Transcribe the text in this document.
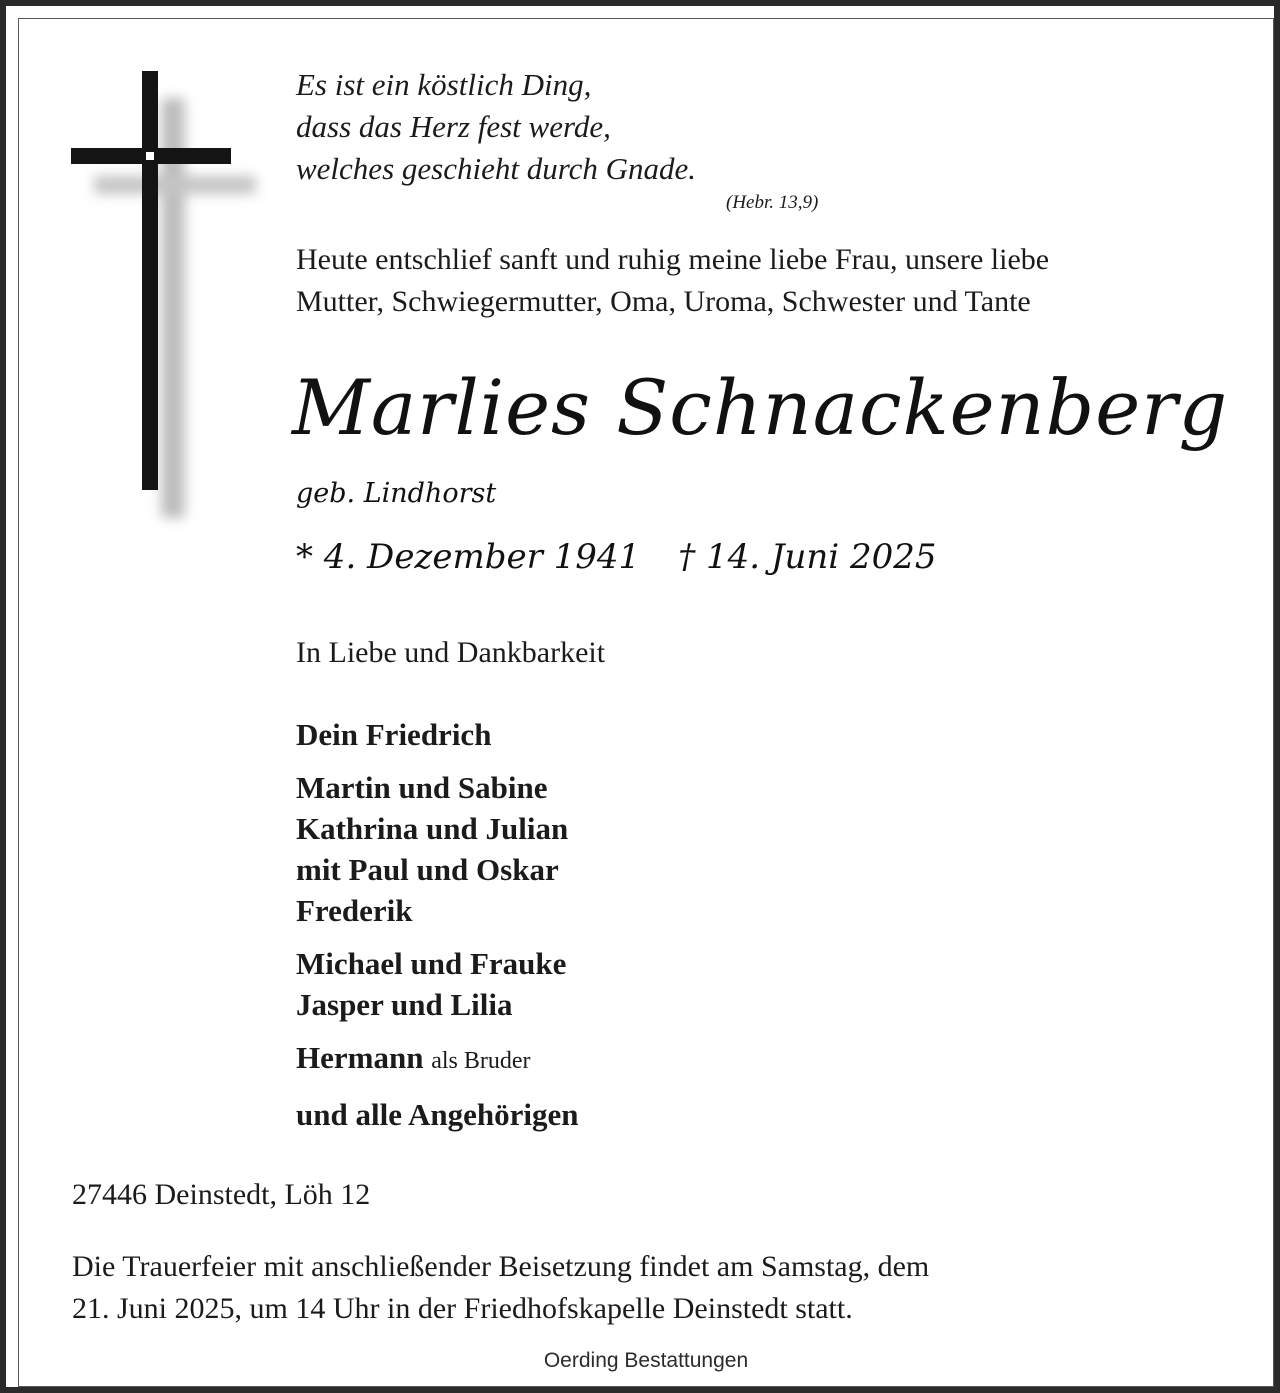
Es ist ein köstlich Ding,
dass das Herz fest werde,
welches geschieht durch Gnade.
(Hebr. 13,9)
Heute entschlief sanft und ruhig meine liebe Frau, unsere liebe
Mutter, Schwiegermutter, Oma, Uroma, Schwester und Tante
Marlies Schnackenberg
geb. Lindhorst
* 4. Dezember 1941 † 14. Juni 2025
In Liebe und Dankbarkeit
Dein Friedrich
Martin und Sabine
Kathrina und Julian
mit Paul und Oskar
Frederik
Michael und Frauke
Jasper und Lilia
Hermann als Bruder
und alle Angehörigen
27446 Deinstedt, Löh 12
Die Trauerfeier mit anschließender Beisetzung findet am Samstag, dem
21. Juni 2025, um 14 Uhr in der Friedhofskapelle Deinstedt statt.
Oerding Bestattungen
